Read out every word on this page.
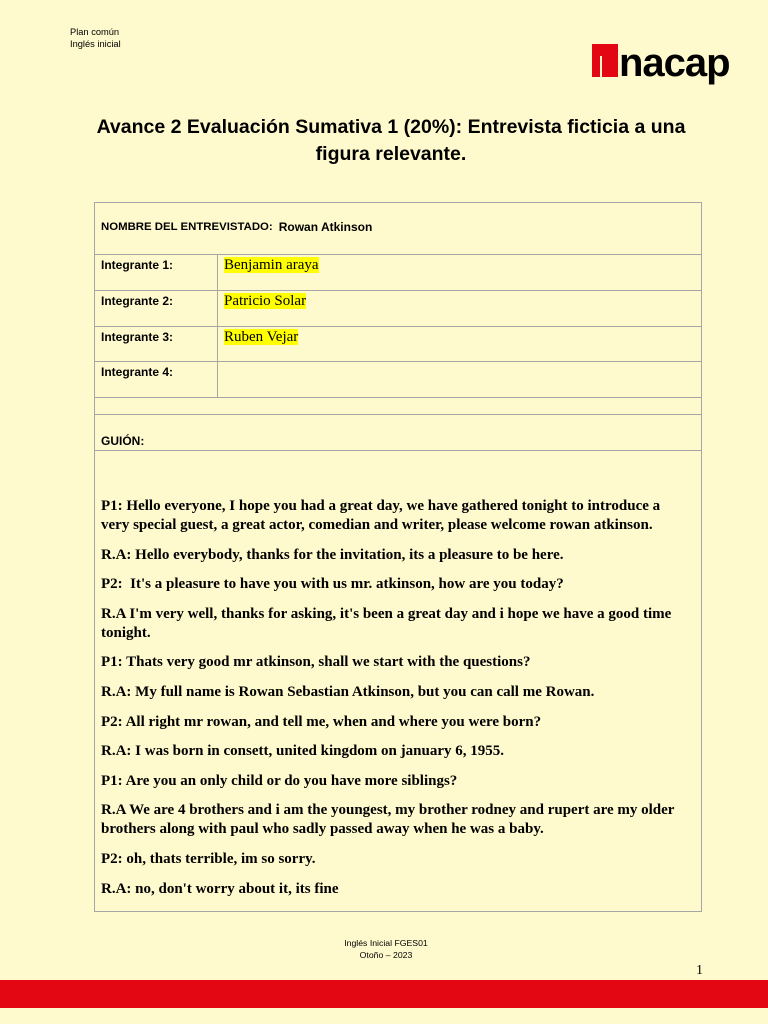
Plan común
Inglés inicial	nacap
Avance 2 Evaluación Sumativa 1 (20%): Entrevista ficticia a una figura relevante.
NOMBRE DEL ENTREVISTADO: Rowan Atkinson
Integrante 1:	Benjamin araya
Integrante 2:	Patricio Solar
Integrante 3:	Ruben Vejar
Integrante 4:
GUIÓN:

P1: Hello everyone, I hope you had a great day, we have gathered tonight to introduce a very special guest, a great actor, comedian and writer, please welcome rowan atkinson.

R.A: Hello everybody, thanks for the invitation, its a pleasure to be here.

P2:  It's a pleasure to have you with us mr. atkinson, how are you today?

R.A I'm very well, thanks for asking, it's been a great day and i hope we have a good time tonight.

P1: Thats very good mr atkinson, shall we start with the questions?

R.A: My full name is Rowan Sebastian Atkinson, but you can call me Rowan.

P2: All right mr rowan, and tell me, when and where you were born?

R.A: I was born in consett, united kingdom on january 6, 1955.

P1: Are you an only child or do you have more siblings?

R.A We are 4 brothers and i am the youngest, my brother rodney and rupert are my older brothers along with paul who sadly passed away when he was a baby.

P2: oh, thats terrible, im so sorry.

R.A: no, don't worry about it, its fine

Inglés Inicial FGES01
Otoño – 2023
1
